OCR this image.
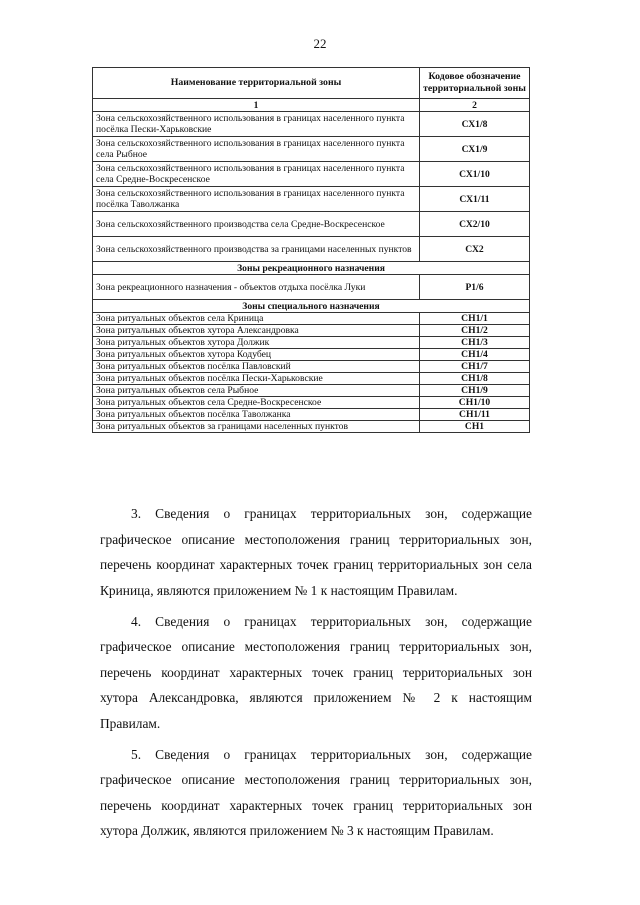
22
Наименование территориальной зоны	Кодовое обозначение территориальной зоны
1	2
Зона сельскохозяйственного использования в границах населенного пункта посёлка Пески-Харьковские	СХ1/8
Зона сельскохозяйственного использования в границах населенного пункта села Рыбное	СХ1/9
Зона сельскохозяйственного использования в границах населенного пункта села Средне-Воскресенское	СХ1/10
Зона сельскохозяйственного использования в границах населенного пункта посёлка Таволжанка	СХ1/11
Зона сельскохозяйственного производства села Средне-Воскресенское	СХ2/10
Зона сельскохозяйственного производства за границами населенных пунктов	СХ2
Зоны рекреационного назначения	
Зона рекреационного назначения - объектов отдыха посёлка Луки	Р1/6
Зоны специального назначения	
Зона ритуальных объектов села Криница	СН1/1
Зона ритуальных объектов хутора Александровка	СН1/2
Зона ритуальных объектов хутора Должик	СН1/3
Зона ритуальных объектов хутора Кодубец	СН1/4
Зона ритуальных объектов посёлка Павловский	СН1/7
Зона ритуальных объектов посёлка Пески-Харьковские	СН1/8
Зона ритуальных объектов села Рыбное	СН1/9
Зона ритуальных объектов села Средне-Воскресенское	СН1/10
Зона ритуальных объектов посёлка Таволжанка	СН1/11
Зона ритуальных объектов за границами населенных пунктов	СН1

3. Сведения о границах территориальных зон, содержащие графическое описание местоположения границ территориальных зон, перечень координат характерных точек границ территориальных зон села Криница, являются приложением № 1 к настоящим Правилам.

4. Сведения о границах территориальных зон, содержащие графическое описание местоположения границ территориальных зон, перечень координат характерных точек границ территориальных зон хутора Александровка, являются приложением № 2 к настоящим Правилам.

5. Сведения о границах территориальных зон, содержащие графическое описание местоположения границ территориальных зон, перечень координат характерных точек границ территориальных зон хутора Должик, являются приложением № 3 к настоящим Правилам.
